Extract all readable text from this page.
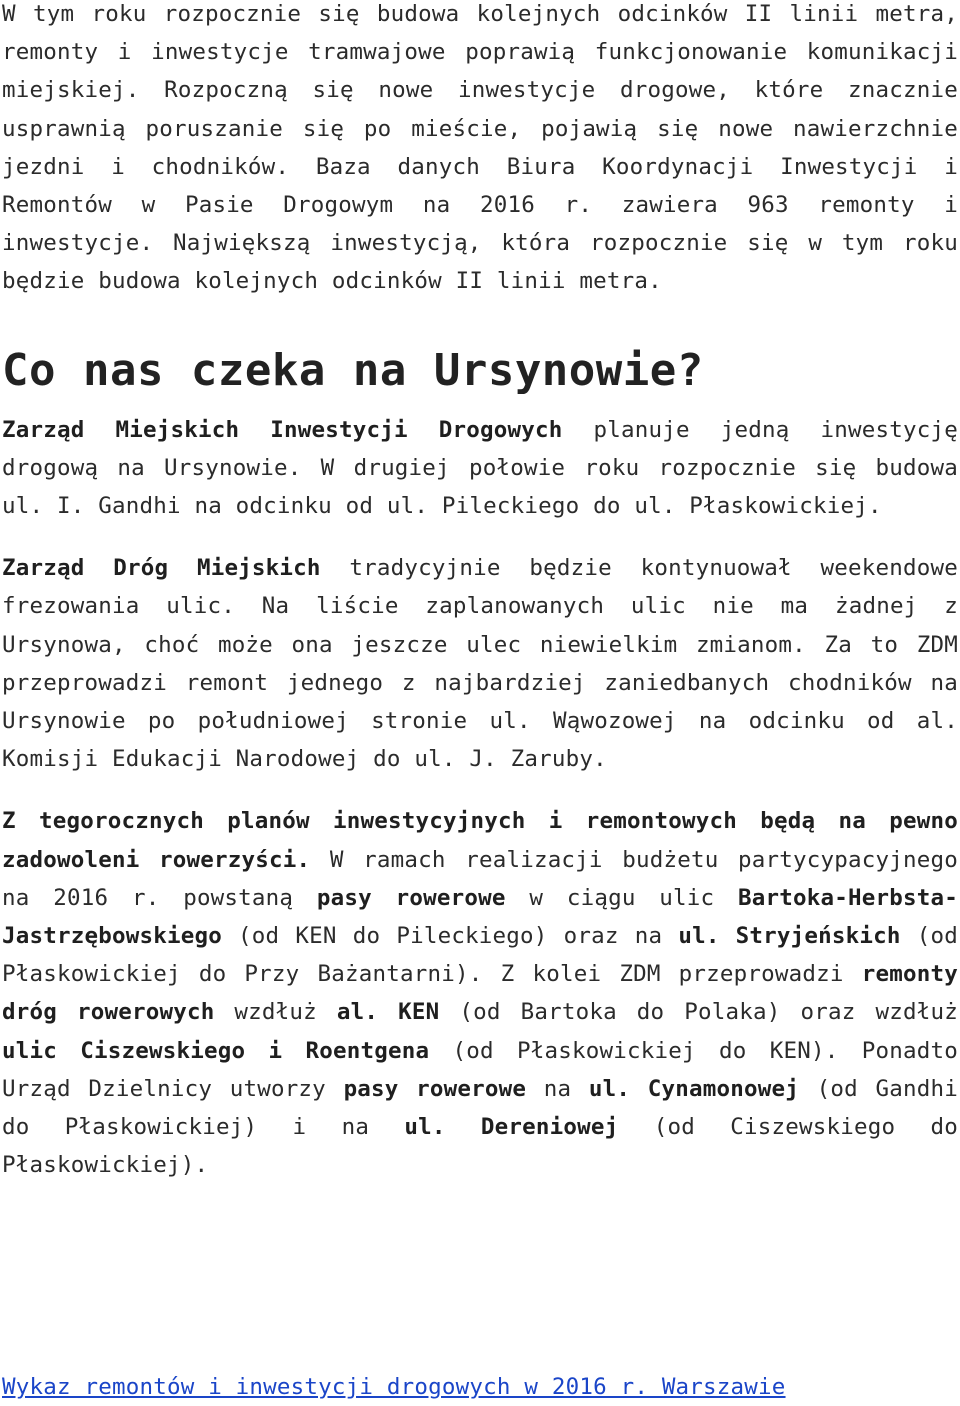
W tym roku rozpocznie się budowa kolejnych odcinków II linii metra, remonty i inwestycje tramwajowe poprawią funkcjonowanie komunikacji miejskiej. Rozpoczną się nowe inwestycje drogowe, które znacznie usprawnią poruszanie się po mieście, pojawią się nowe nawierzchnie jezdni i chodników. Baza danych Biura Koordynacji Inwestycji i Remontów w Pasie Drogowym na 2016 r. zawiera 963 remonty i inwestycje. Największą inwestycją, która rozpocznie się w tym roku będzie budowa kolejnych odcinków II linii metra.

Co nas czeka na Ursynowie?

Zarząd Miejskich Inwestycji Drogowych planuje jedną inwestycję drogową na Ursynowie. W drugiej połowie roku rozpocznie się budowa ul. I. Gandhi na odcinku od ul. Pileckiego do ul. Płaskowickiej.

Zarząd Dróg Miejskich tradycyjnie będzie kontynuował weekendowe frezowania ulic. Na liście zaplanowanych ulic nie ma żadnej z Ursynowa, choć może ona jeszcze ulec niewielkim zmianom. Za to ZDM przeprowadzi remont jednego z najbardziej zaniedbanych chodników na Ursynowie po południowej stronie ul. Wąwozowej na odcinku od al. Komisji Edukacji Narodowej do ul. J. Zaruby.

Z tegorocznych planów inwestycyjnych i remontowych będą na pewno zadowoleni rowerzyści. W ramach realizacji budżetu partycypacyjnego na 2016 r. powstaną pasy rowerowe w ciągu ulic Bartoka-Herbsta- Jastrzębowskiego (od KEN do Pileckiego) oraz na ul. Stryjeńskich (od Płaskowickiej do Przy Bażantarni). Z kolei ZDM przeprowadzi remonty dróg rowerowych wzdłuż al. KEN (od Bartoka do Polaka) oraz wzdłuż ulic Ciszewskiego i Roentgena (od Płaskowickiej do KEN). Ponadto Urząd Dzielnicy utworzy pasy rowerowe na ul. Cynamonowej (od Gandhi do Płaskowickiej) i na ul. Dereniowej (od Ciszewskiego do Płaskowickiej).

Wykaz remontów i inwestycji drogowych w 2016 r. Warszawie
